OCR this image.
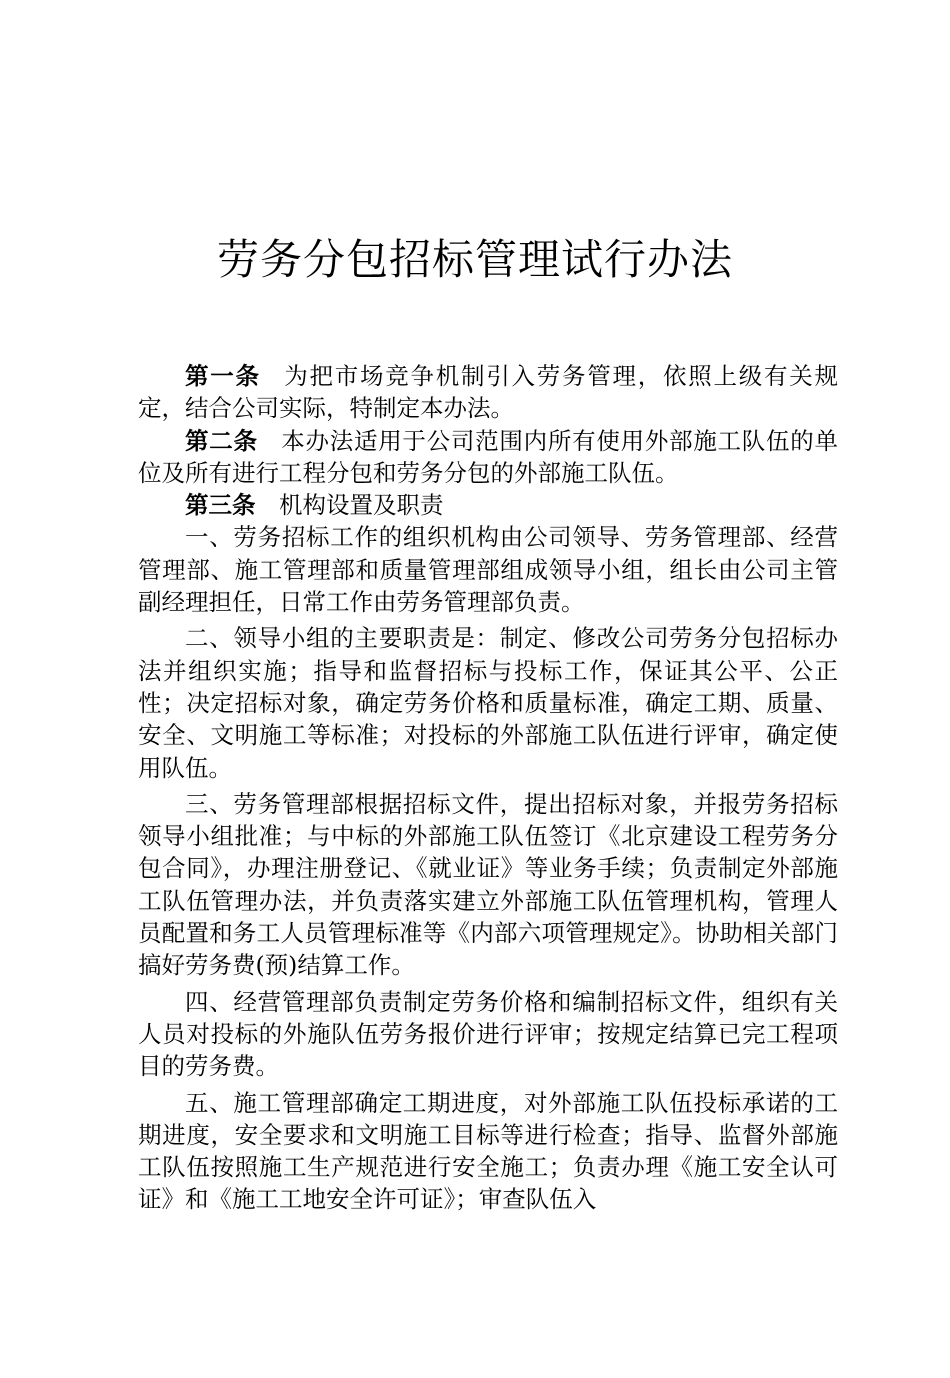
劳务分包招标管理试行办法

第一条 为把市场竞争机制引入劳务管理，依照上级有关规定，结合公司实际，特制定本办法。

第二条 本办法适用于公司范围内所有使用外部施工队伍的单位及所有进行工程分包和劳务分包的外部施工队伍。

第三条 机构设置及职责

一、劳务招标工作的组织机构由公司领导、劳务管理部、经营管理部、施工管理部和质量管理部组成领导小组，组长由公司主管副经理担任，日常工作由劳务管理部负责。

二、领导小组的主要职责是：制定、修改公司劳务分包招标办法并组织实施；指导和监督招标与投标工作，保证其公平、公正性；决定招标对象，确定劳务价格和质量标准，确定工期、质量、安全、文明施工等标准；对投标的外部施工队伍进行评审，确定使用队伍。

三、劳务管理部根据招标文件，提出招标对象，并报劳务招标领导小组批准；与中标的外部施工队伍签订《北京建设工程劳务分包合同》，办理注册登记、《就业证》等业务手续；负责制定外部施工队伍管理办法，并负责落实建立外部施工队伍管理机构，管理人员配置和务工人员管理标准等《内部六项管理规定》。协助相关部门搞好劳务费(预)结算工作。

四、经营管理部负责制定劳务价格和编制招标文件，组织有关人员对投标的外施队伍劳务报价进行评审；按规定结算已完工程项目的劳务费。

五、施工管理部确定工期进度，对外部施工队伍投标承诺的工期进度，安全要求和文明施工目标等进行检查；指导、监督外部施工队伍按照施工生产规范进行安全施工；负责办理《施工安全认可证》和《施工工地安全许可证》；审查队伍入
